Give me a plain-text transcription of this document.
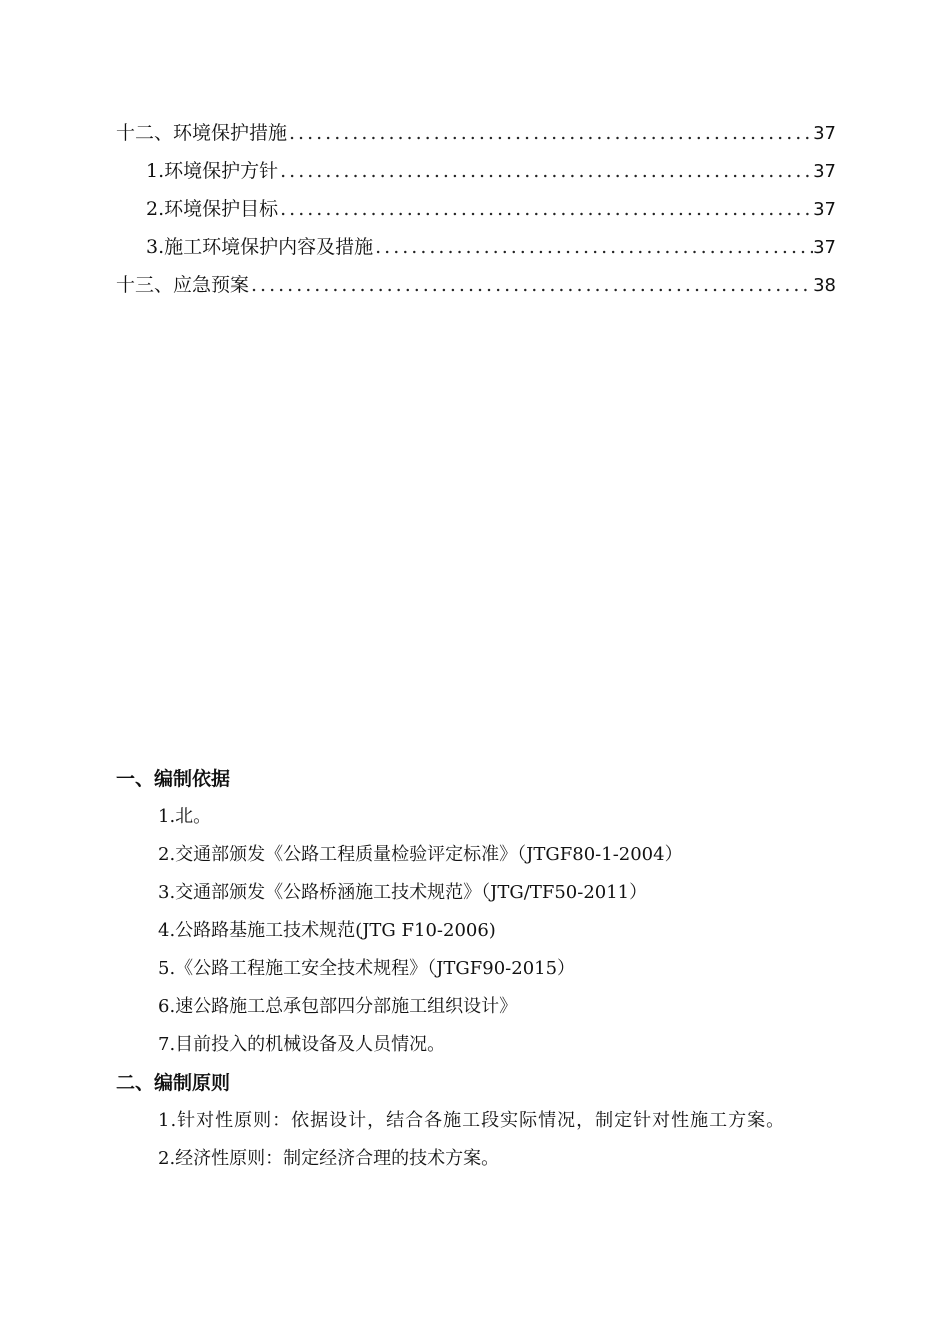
十二、环境保护措施 .....	37
1.环境保护方针 .....	37
2.环境保护目标 .....	37
3.施工环境保护内容及措施 .....	37
十三、应急预案 .....	38
一、编制依据

1.北。

2.交通部颁发《公路工程质量检验评定标准》（JTGF80-1-2004）

3.交通部颁发《公路桥涵施工技术规范》（JTG/TF50-2011）

4.公路路基施工技术规范(JTG F10-2006)

5.《公路工程施工安全技术规程》（JTGF90-2015）

6.速公路施工总承包部四分部施工组织设计》

7.目前投入的机械设备及人员情况。

二、编制原则

1.针对性原则：依据设计，结合各施工段实际情况，制定针对性施工方案。

2.经济性原则：制定经济合理的技术方案。
